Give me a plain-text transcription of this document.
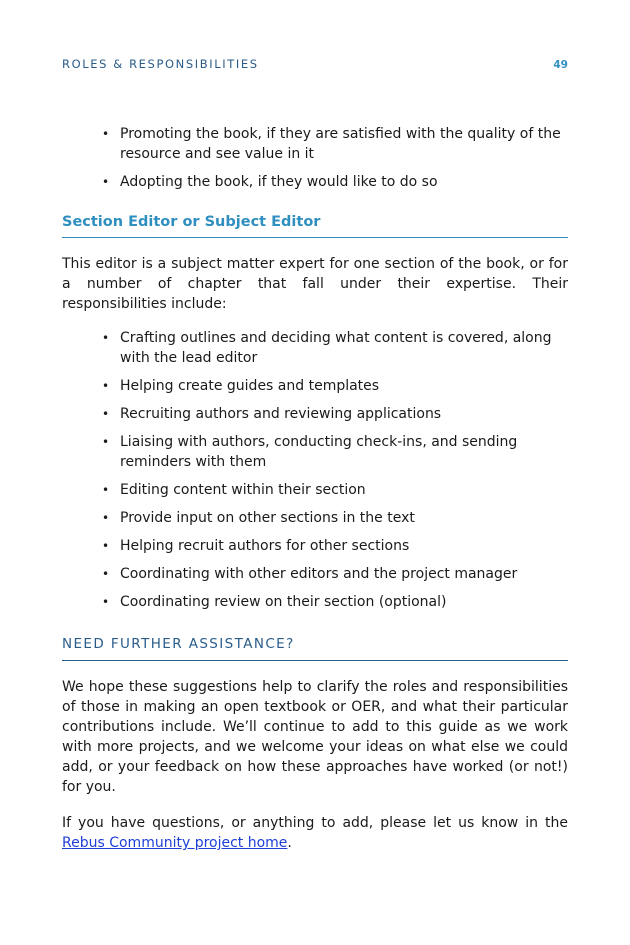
ROLES & RESPONSIBILITIES	49
• Promoting the book, if they are satisfied with the quality of the resource and see value in it
• Adopting the book, if they would like to do so
Section Editor or Subject Editor

This editor is a subject matter expert for one section of the book, or for a number of chapter that fall under their expertise. Their responsibilities include:

• Crafting outlines and deciding what content is covered, along with the lead editor
• Helping create guides and templates
• Recruiting authors and reviewing applications
• Liaising with authors, conducting check-ins, and sending reminders with them
• Editing content within their section
• Provide input on other sections in the text
• Helping recruit authors for other sections
• Coordinating with other editors and the project manager
• Coordinating review on their section (optional)
NEED FURTHER ASSISTANCE?

We hope these suggestions help to clarify the roles and responsibilities of those in making an open textbook or OER, and what their particular contributions include. We’ll continue to add to this guide as we work with more projects, and we welcome your ideas on what else we could add, or your feedback on how these approaches have worked (or not!) for you.

If you have questions, or anything to add, please let us know in the Rebus Community project home.
